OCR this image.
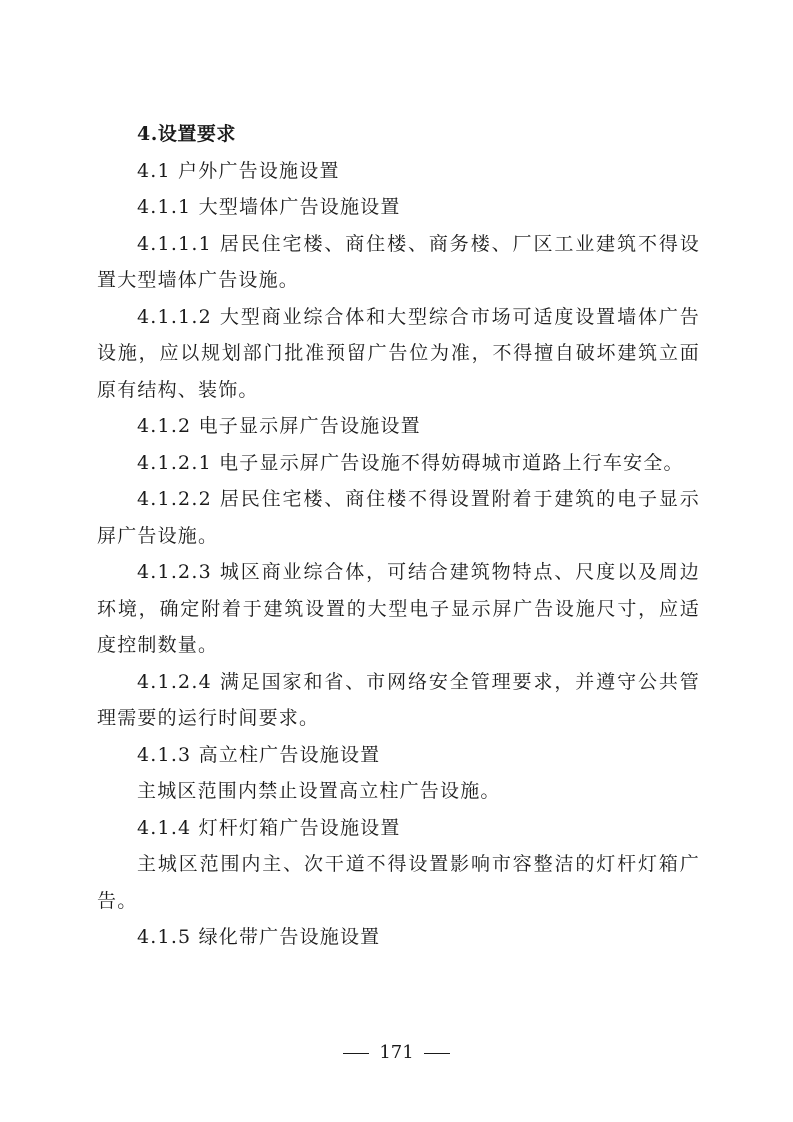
4.设置要求

4.1 户外广告设施设置

4.1.1 大型墙体广告设施设置

4.1.1.1 居民住宅楼、商住楼、商务楼、厂区工业建筑不得设置大型墙体广告设施。

4.1.1.2 大型商业综合体和大型综合市场可适度设置墙体广告设施，应以规划部门批准预留广告位为准，不得擅自破坏建筑立面原有结构、装饰。

4.1.2 电子显示屏广告设施设置

4.1.2.1 电子显示屏广告设施不得妨碍城市道路上行车安全。

4.1.2.2 居民住宅楼、商住楼不得设置附着于建筑的电子显示屏广告设施。

4.1.2.3 城区商业综合体，可结合建筑物特点、尺度以及周边环境，确定附着于建筑设置的大型电子显示屏广告设施尺寸，应适度控制数量。

4.1.2.4 满足国家和省、市网络安全管理要求，并遵守公共管理需要的运行时间要求。

4.1.3 高立柱广告设施设置

主城区范围内禁止设置高立柱广告设施。

4.1.4 灯杆灯箱广告设施设置

主城区范围内主、次干道不得设置影响市容整洁的灯杆灯箱广告。

4.1.5 绿化带广告设施设置

171
